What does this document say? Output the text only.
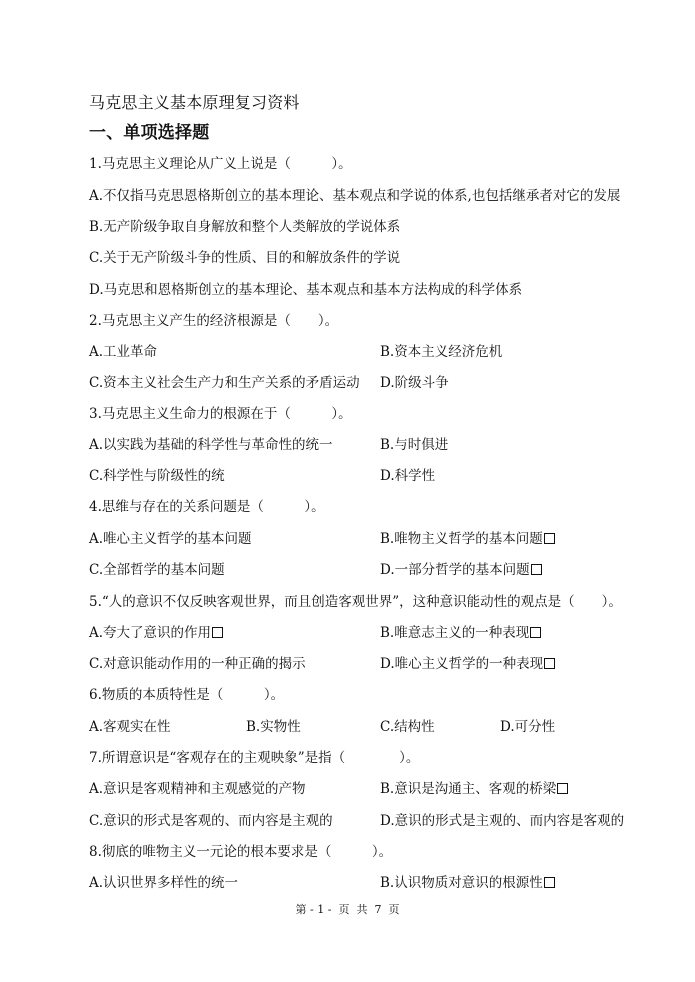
马克思主义基本原理复习资料
一、单项选择题
1.马克思主义理论从广义上说是（　　　）。
A.不仅指马克思恩格斯创立的基本理论、基本观点和学说的体系,也包括继承者对它的发展
B.无产阶级争取自身解放和整个人类解放的学说体系
C.关于无产阶级斗争的性质、目的和解放条件的学说
D.马克思和恩格斯创立的基本理论、基本观点和基本方法构成的科学体系
2.马克思主义产生的经济根源是（　　）。
A.工业革命	B.资本主义经济危机
C.资本主义社会生产力和生产关系的矛盾运动 D.阶级斗争
3.马克思主义生命力的根源在于（　　　）。
A.以实践为基础的科学性与革命性的统一	B.与时俱进
C.科学性与阶级性的统	D.科学性
4.思维与存在的关系问题是（　　　）。
A.唯心主义哲学的基本问题	B.唯物主义哲学的基本问题
C.全部哲学的基本问题	D.一部分哲学的基本问题
5.“人的意识不仅反映客观世界，而且创造客观世界”，这种意识能动性的观点是（　　）。
A.夸大了意识的作用	B.唯意志主义的一种表现
C.对意识能动作用的一种正确的揭示	D.唯心主义哲学的一种表现
6.物质的本质特性是（　　　）。
A.客观实在性	B.实物性	C.结构性	D.可分性
7.所谓意识是“客观存在的主观映象”是指（　　　　）。
A.意识是客观精神和主观感觉的产物	B.意识是沟通主、客观的桥梁
C.意识的形式是客观的、而内容是主观的	D.意识的形式是主观的、而内容是客观的
8.彻底的唯物主义一元论的根本要求是（　　　）。
A.认识世界多样性的统一	B.认识物质对意识的根源性
第 - 1 -  页  共  7  页
